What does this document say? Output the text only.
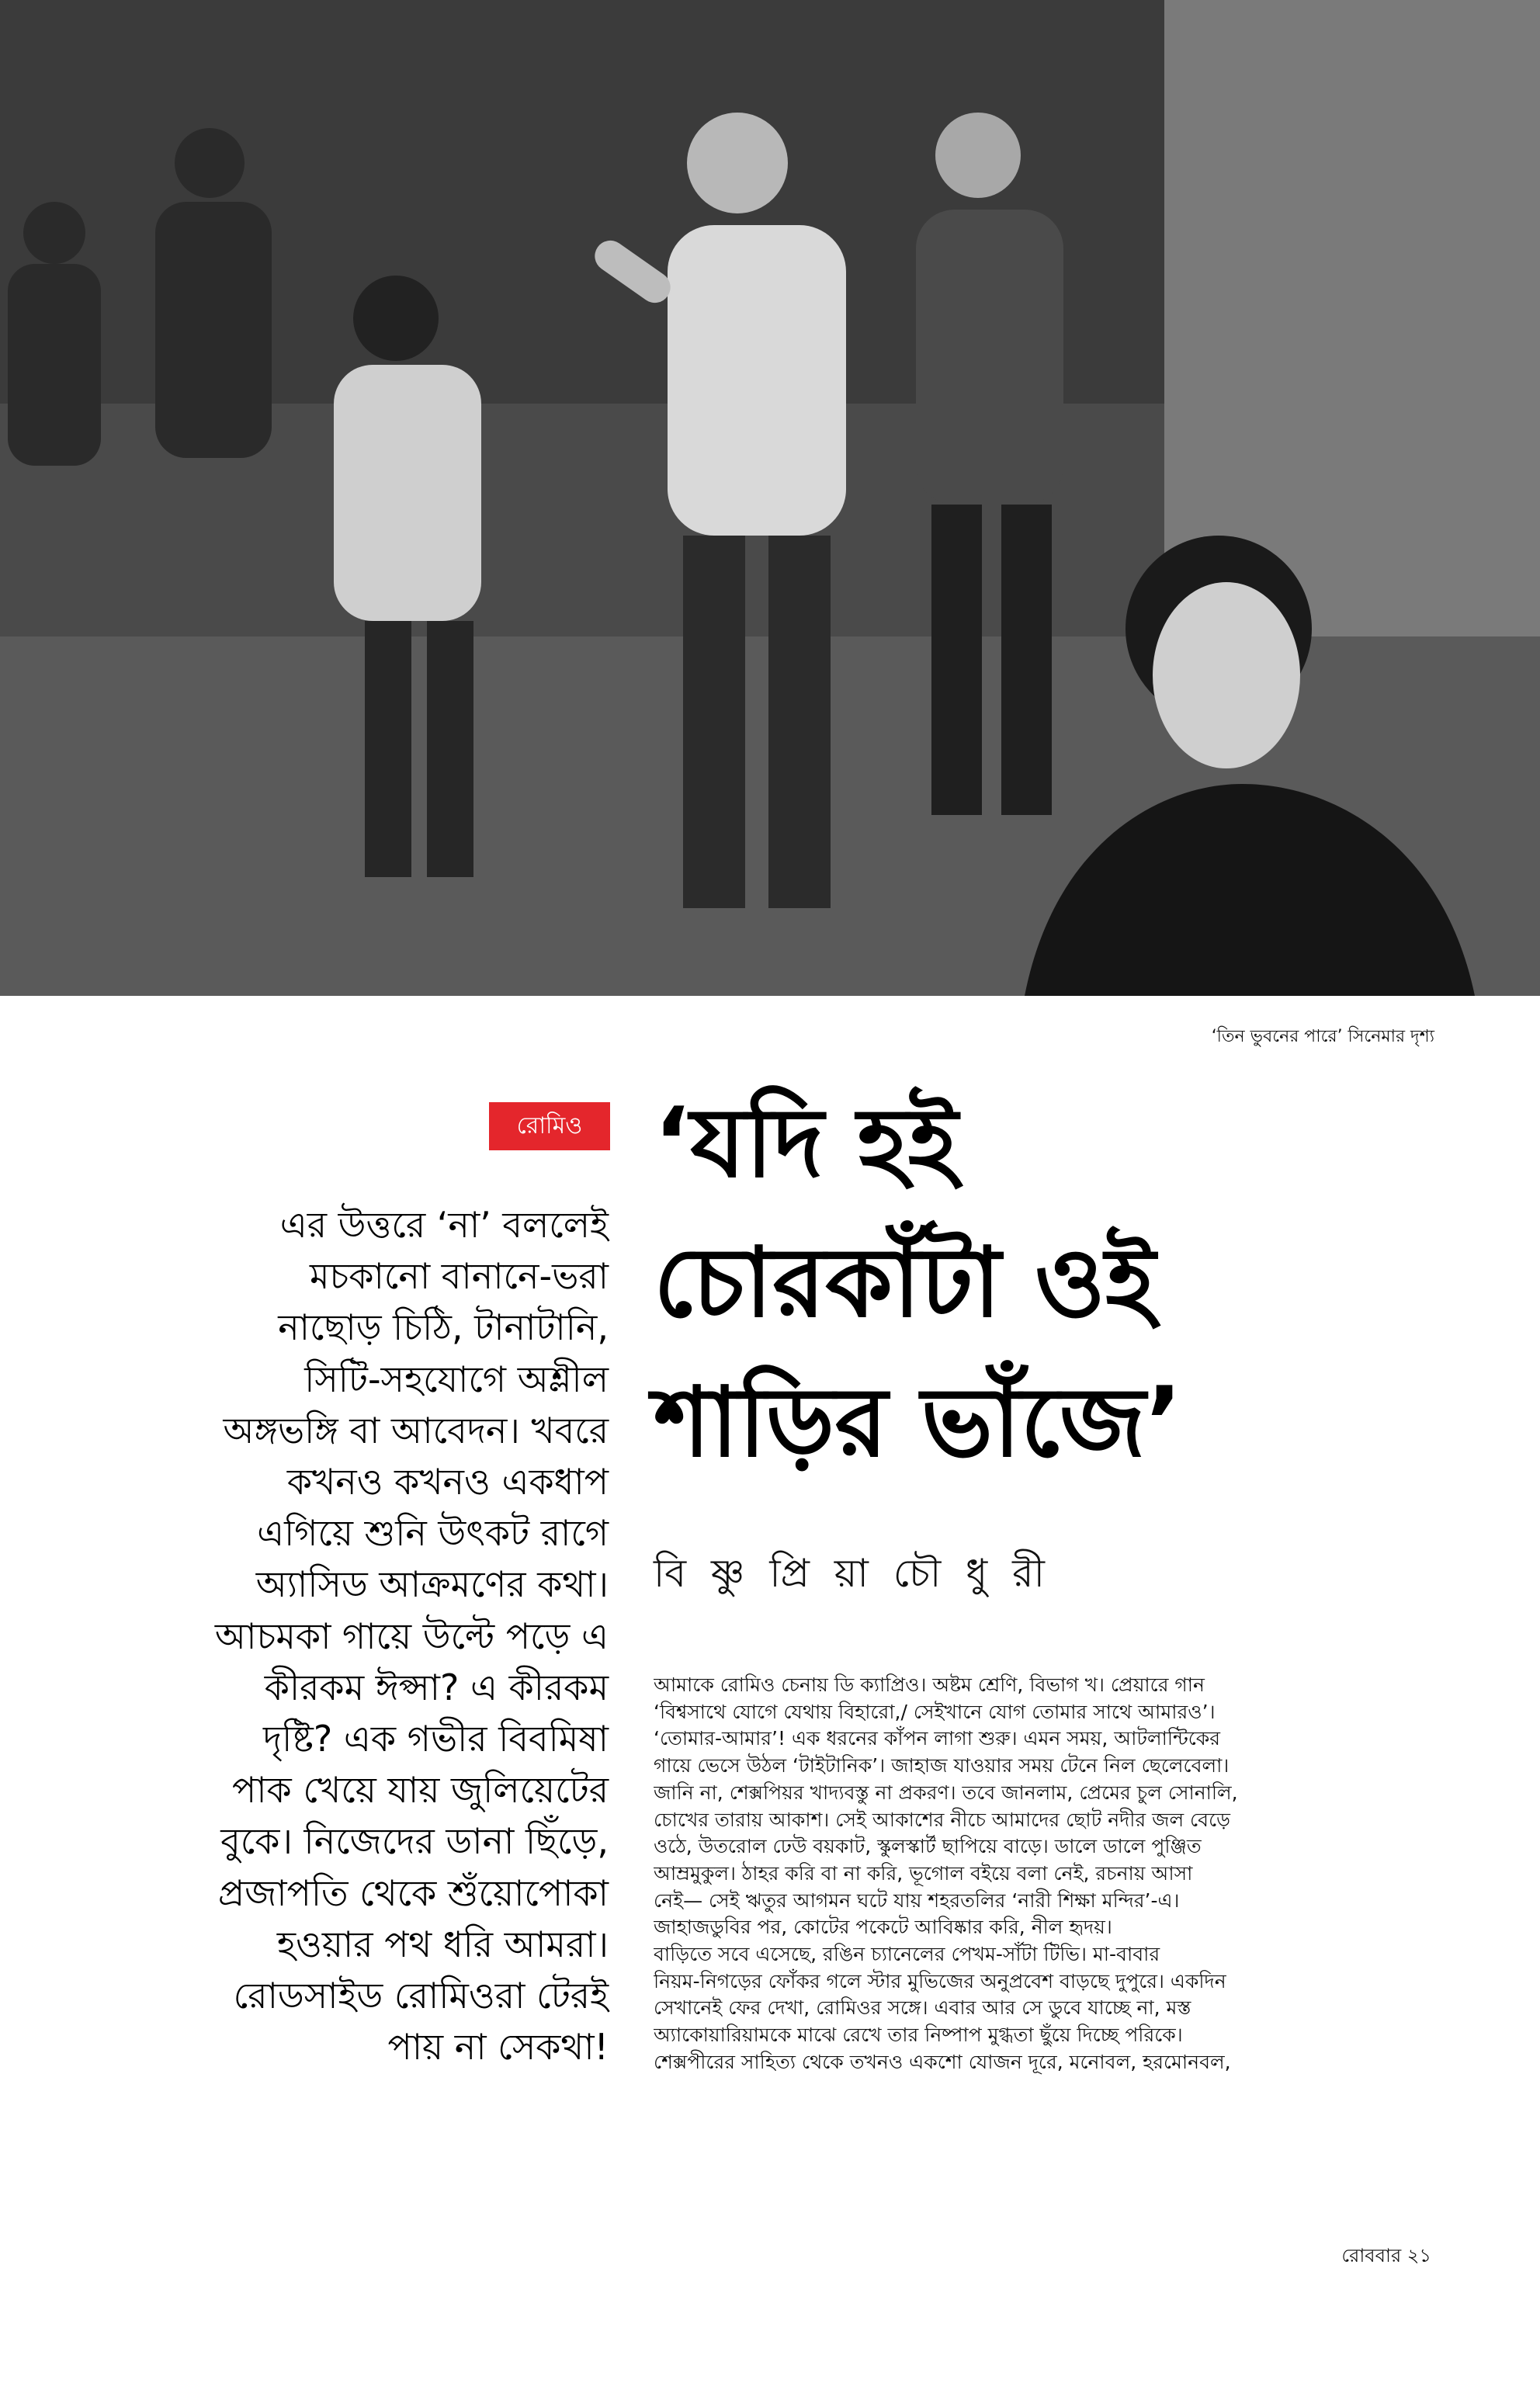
‘তিন ভুবনের পারে’ সিনেমার দৃশ্য
রোমিও ‘যদি হই
চোরকাঁটা ওই
শাড়ির ভাঁজে’
বি ষ্ণু প্রি য়া চৌ ধু রী
এর উত্তরে ‘না’ বললেই
মচকানো বানানে-ভরা
নাছোড় চিঠি, টানাটানি,
সিটি-সহযোগে অশ্লীল
অঙ্গভঙ্গি বা আবেদন। খবরে
কখনও কখনও একধাপ
এগিয়ে শুনি উৎকট রাগে
অ্যাসিড আক্রমণের কথা।
আচমকা গায়ে উল্টে পড়ে এ
কীরকম ঈপ্সা? এ কীরকম
দৃষ্টি? এক গভীর বিবমিষা
পাক খেয়ে যায় জুলিয়েটের
বুকে। নিজেদের ডানা ছিঁড়ে,
প্রজাপতি থেকে শুঁয়োপোকা
হওয়ার পথ ধরি আমরা।
রোডসাইড রোমিওরা টেরই
পায় না সেকথা!
আমাকে রোমিও চেনায় ডি ক্যাপ্রিও। অষ্টম শ্রেণি, বিভাগ খ। প্রেয়ারে গান
‘বিশ্বসাথে যোগে যেথায় বিহারো,/ সেইখানে যোগ তোমার সাথে আমারও’।
‘তোমার-আমার’! এক ধরনের কাঁপন লাগা শুরু। এমন সময়, আটলান্টিকের
গায়ে ভেসে উঠল ‘টাইটানিক’। জাহাজ যাওয়ার সময় টেনে নিল ছেলেবেলা।
জানি না, শেক্সপিয়র খাদ্যবস্তু না প্রকরণ। তবে জানলাম, প্রেমের চুল সোনালি,
চোখের তারায় আকাশ। সেই আকাশের নীচে আমাদের ছোট নদীর জল বেড়ে
ওঠে, উতরোল ঢেউ বয়কাট, স্কুলস্কার্ট ছাপিয়ে বাড়ে। ডালে ডালে পুঞ্জিত
আম্রমুকুল। ঠাহর করি বা না করি, ভূগোল বইয়ে বলা নেই, রচনায় আসা
নেই— সেই ঋতুর আগমন ঘটে যায় শহরতলির ‘নারী শিক্ষা মন্দির’-এ।
জাহাজডুবির পর, কোটের পকেটে আবিষ্কার করি, নীল হৃদয়।
বাড়িতে সবে এসেছে, রঙিন চ্যানেলের পেখম-সাঁটা টিভি। মা-বাবার
নিয়ম-নিগড়ের ফোঁকর গলে স্টার মুভিজের অনুপ্রবেশ বাড়ছে দুপুরে। একদিন
সেখানেই ফের দেখা, রোমিওর সঙ্গে। এবার আর সে ডুবে যাচ্ছে না, মস্ত
অ্যাকোয়ারিয়ামকে মাঝে রেখে তার নিষ্পাপ মুগ্ধতা ছুঁয়ে দিচ্ছে পরিকে।
শেক্সপীরের সাহিত্য থেকে তখনও একশো যোজন দূরে, মনোবল, হরমোনবল,
রোববার ২১
